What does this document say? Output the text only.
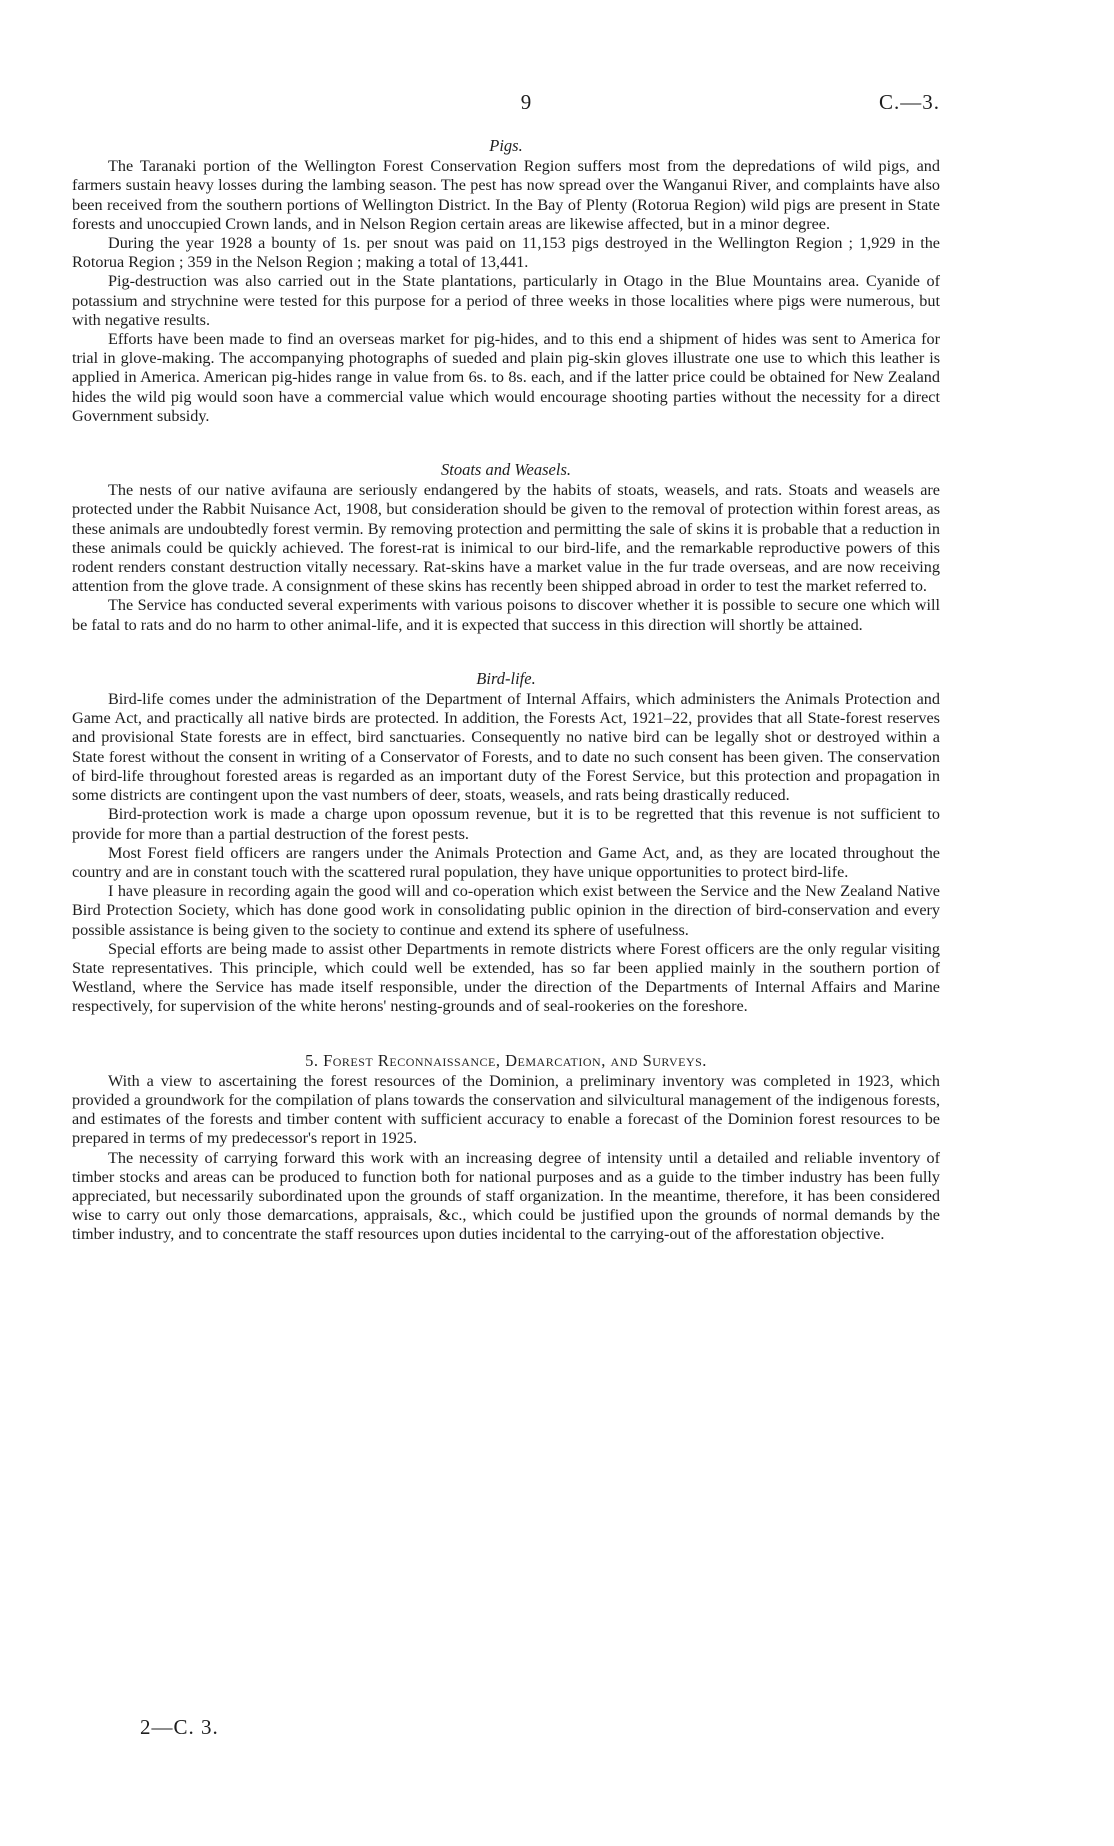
9	C.—3.
Pigs.

The Taranaki portion of the Wellington Forest Conservation Region suffers most from the depredations of wild pigs, and farmers sustain heavy losses during the lambing season. The pest has now spread over the Wanganui River, and complaints have also been received from the southern portions of Wellington District. In the Bay of Plenty (Rotorua Region) wild pigs are present in State forests and unoccupied Crown lands, and in Nelson Region certain areas are likewise affected, but in a minor degree.

During the year 1928 a bounty of 1s. per snout was paid on 11,153 pigs destroyed in the Wellington Region ; 1,929 in the Rotorua Region ; 359 in the Nelson Region ; making a total of 13,441.

Pig-destruction was also carried out in the State plantations, particularly in Otago in the Blue Mountains area. Cyanide of potassium and strychnine were tested for this purpose for a period of three weeks in those localities where pigs were numerous, but with negative results.

Efforts have been made to find an overseas market for pig-hides, and to this end a shipment of hides was sent to America for trial in glove-making. The accompanying photographs of sueded and plain pig-skin gloves illustrate one use to which this leather is applied in America. American pig-hides range in value from 6s. to 8s. each, and if the latter price could be obtained for New Zealand hides the wild pig would soon have a commercial value which would encourage shooting parties without the necessity for a direct Government subsidy.

Stoats and Weasels.

The nests of our native avifauna are seriously endangered by the habits of stoats, weasels, and rats. Stoats and weasels are protected under the Rabbit Nuisance Act, 1908, but consideration should be given to the removal of protection within forest areas, as these animals are undoubtedly forest vermin. By removing protection and permitting the sale of skins it is probable that a reduction in these animals could be quickly achieved. The forest-rat is inimical to our bird-life, and the remarkable reproductive powers of this rodent renders constant destruction vitally necessary. Rat-skins have a market value in the fur trade overseas, and are now receiving attention from the glove trade. A consignment of these skins has recently been shipped abroad in order to test the market referred to.

The Service has conducted several experiments with various poisons to discover whether it is possible to secure one which will be fatal to rats and do no harm to other animal-life, and it is expected that success in this direction will shortly be attained.

Bird-life.

Bird-life comes under the administration of the Department of Internal Affairs, which administers the Animals Protection and Game Act, and practically all native birds are protected. In addition, the Forests Act, 1921–22, provides that all State-forest reserves and provisional State forests are in effect, bird sanctuaries. Consequently no native bird can be legally shot or destroyed within a State forest without the consent in writing of a Conservator of Forests, and to date no such consent has been given. The conservation of bird-life throughout forested areas is regarded as an important duty of the Forest Service, but this protection and propagation in some districts are contingent upon the vast numbers of deer, stoats, weasels, and rats being drastically reduced.

Bird-protection work is made a charge upon opossum revenue, but it is to be regretted that this revenue is not sufficient to provide for more than a partial destruction of the forest pests.

Most Forest field officers are rangers under the Animals Protection and Game Act, and, as they are located throughout the country and are in constant touch with the scattered rural population, they have unique opportunities to protect bird-life.

I have pleasure in recording again the good will and co-operation which exist between the Service and the New Zealand Native Bird Protection Society, which has done good work in consolidating public opinion in the direction of bird-conservation and every possible assistance is being given to the society to continue and extend its sphere of usefulness.

Special efforts are being made to assist other Departments in remote districts where Forest officers are the only regular visiting State representatives. This principle, which could well be extended, has so far been applied mainly in the southern portion of Westland, where the Service has made itself responsible, under the direction of the Departments of Internal Affairs and Marine respectively, for supervision of the white herons' nesting-grounds and of seal-rookeries on the foreshore.

5. Forest Reconnaissance, Demarcation, and Surveys.

With a view to ascertaining the forest resources of the Dominion, a preliminary inventory was completed in 1923, which provided a groundwork for the compilation of plans towards the conservation and silvicultural management of the indigenous forests, and estimates of the forests and timber content with sufficient accuracy to enable a forecast of the Dominion forest resources to be prepared in terms of my predecessor's report in 1925.

The necessity of carrying forward this work with an increasing degree of intensity until a detailed and reliable inventory of timber stocks and areas can be produced to function both for national purposes and as a guide to the timber industry has been fully appreciated, but necessarily subordinated upon the grounds of staff organization. In the meantime, therefore, it has been considered wise to carry out only those demarcations, appraisals, &c., which could be justified upon the grounds of normal demands by the timber industry, and to concentrate the staff resources upon duties incidental to the carrying-out of the afforestation objective.

2—C. 3.
